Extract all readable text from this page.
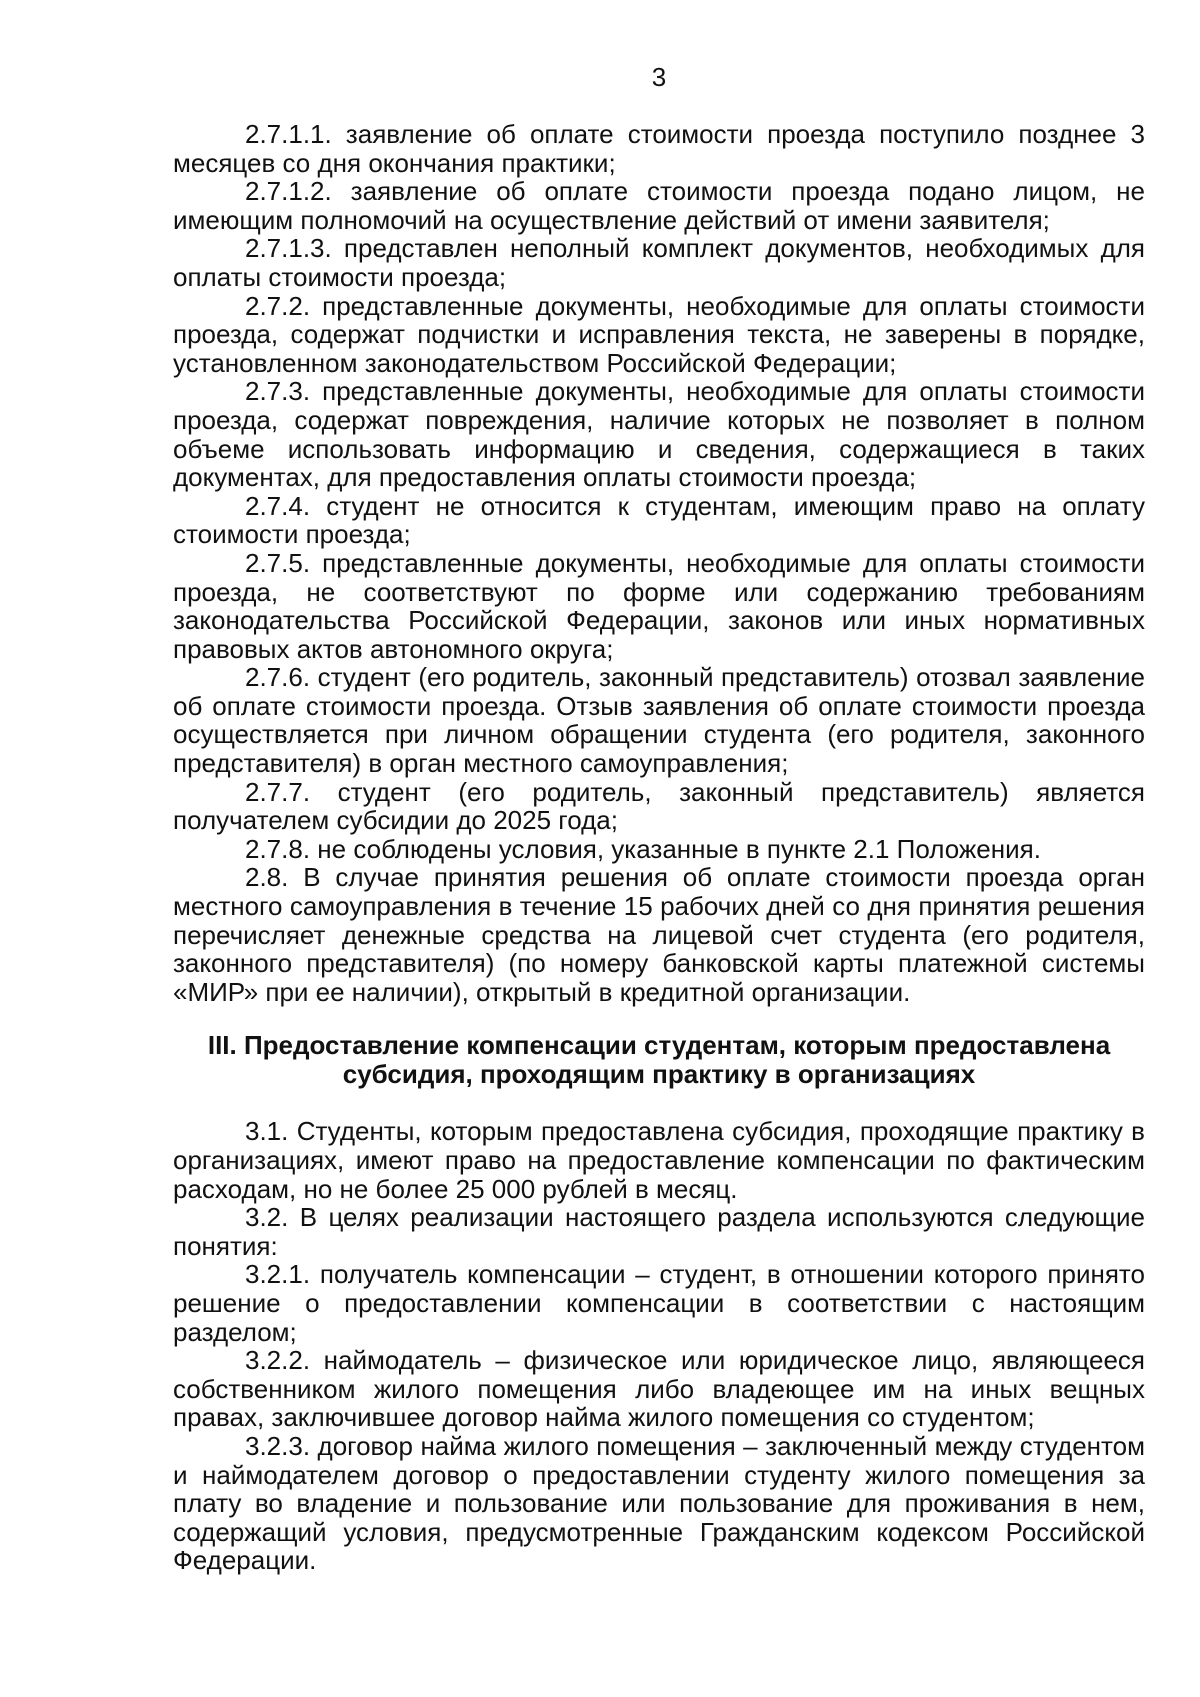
3

2.7.1.1. заявление об оплате стоимости проезда поступило позднее 3 месяцев со дня окончания практики;

2.7.1.2. заявление об оплате стоимости проезда подано лицом, не имеющим полномочий на осуществление действий от имени заявителя;

2.7.1.3. представлен неполный комплект документов, необходимых для оплаты стоимости проезда;

2.7.2. представленные документы, необходимые для оплаты стоимости проезда, содержат подчистки и исправления текста, не заверены в порядке, установленном законодательством Российской Федерации;

2.7.3. представленные документы, необходимые для оплаты стоимости проезда, содержат повреждения, наличие которых не позволяет в полном объеме использовать информацию и сведения, содержащиеся в таких документах, для предоставления оплаты стоимости проезда;

2.7.4. студент не относится к студентам, имеющим право на оплату стоимости проезда;

2.7.5. представленные документы, необходимые для оплаты стоимости проезда, не соответствуют по форме или содержанию требованиям законодательства Российской Федерации, законов или иных нормативных правовых актов автономного округа;

2.7.6. студент (его родитель, законный представитель) отозвал заявление об оплате стоимости проезда. Отзыв заявления об оплате стоимости проезда осуществляется при личном обращении студента (его родителя, законного представителя) в орган местного самоуправления;

2.7.7. студент (его родитель, законный представитель) является получателем субсидии до 2025 года;

2.7.8. не соблюдены условия, указанные в пункте 2.1 Положения.

2.8. В случае принятия решения об оплате стоимости проезда орган местного самоуправления в течение 15 рабочих дней со дня принятия решения перечисляет денежные средства на лицевой счет студента (его родителя, законного представителя) (по номеру банковской карты платежной системы «МИР» при ее наличии), открытый в кредитной организации.

III. Предоставление компенсации студентам, которым предоставлена
субсидия, проходящим практику в организациях

3.1. Студенты, которым предоставлена субсидия, проходящие практику в организациях, имеют право на предоставление компенсации по фактическим расходам, но не более 25 000 рублей в месяц.

3.2. В целях реализации настоящего раздела используются следующие понятия:

3.2.1. получатель компенсации – студент, в отношении которого принято решение о предоставлении компенсации в соответствии с настоящим разделом;

3.2.2. наймодатель – физическое или юридическое лицо, являющееся собственником жилого помещения либо владеющее им на иных вещных правах, заключившее договор найма жилого помещения со студентом;

3.2.3. договор найма жилого помещения – заключенный между студентом и наймодателем договор о предоставлении студенту жилого помещения за плату во владение и пользование или пользование для проживания в нем, содержащий условия, предусмотренные Гражданским кодексом Российской Федерации.
